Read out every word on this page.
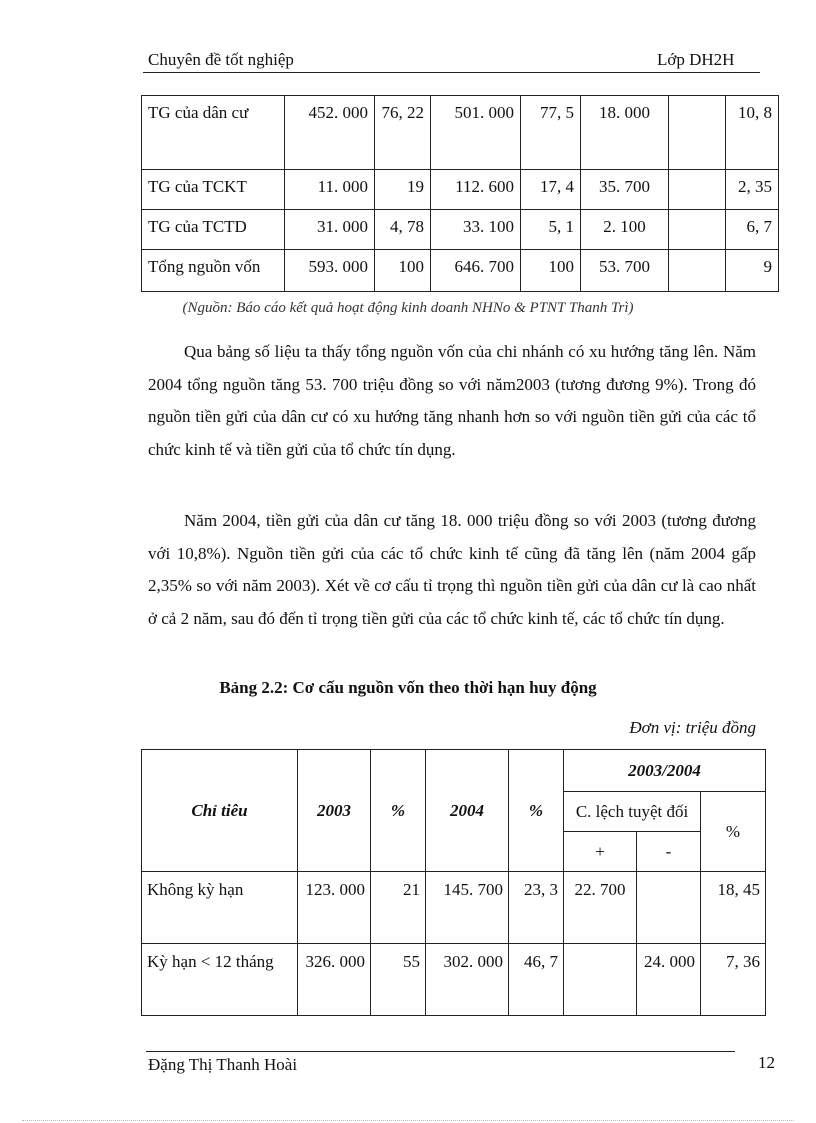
Chuyên đề tốt nghiệp	Lớp DH2H
TG của dân cư	452. 000	76, 22	501. 000	77, 5	18. 000		10, 8
TG của TCKT	11. 000	19	112. 600	17, 4	35. 700		2, 35
TG của TCTD	31. 000	4, 78	33. 100	5, 1	2. 100		6, 7
Tổng nguồn vốn	593. 000	100	646. 700	100	53. 700		9
(Nguồn: Báo cáo kết quả hoạt động kinh doanh NHNo & PTNT Thanh Trì)

Qua bảng số liệu ta thấy tổng nguồn vốn của chi nhánh có xu hướng tăng lên. Năm 2004 tổng nguồn tăng 53. 700 triệu đồng so với năm2003 (tương đương 9%). Trong đó nguồn tiền gửi của dân cư có xu hướng tăng nhanh hơn so với nguồn tiền gửi của các tổ chức kinh tế và tiền gửi của tổ chức tín dụng.

Năm 2004, tiền gửi của dân cư tăng 18. 000 triệu đồng so với 2003 (tương đương với 10,8%). Nguồn tiền gửi của các tổ chức kinh tế cũng đã tăng lên (năm 2004 gấp 2,35% so với năm 2003). Xét về cơ cấu tỉ trọng thì nguồn tiền gửi của dân cư là cao nhất ở cả 2 năm, sau đó đến tỉ trọng tiền gửi của các tổ chức kinh tế, các tổ chức tín dụng.

Bảng 2.2: Cơ cấu nguồn vốn theo thời hạn huy động
Đơn vị: triệu đồng
Chỉ tiêu	2003	%	2004	%	2003/2004		
					C. lệch tuyệt đối		%
					+	-	
Không kỳ hạn	123. 000	21	145. 700	23, 3	22. 700		18, 45
Kỳ hạn < 12 tháng	326. 000	55	302. 000	46, 7		24. 000	7, 36
Đặng Thị Thanh Hoài	12
